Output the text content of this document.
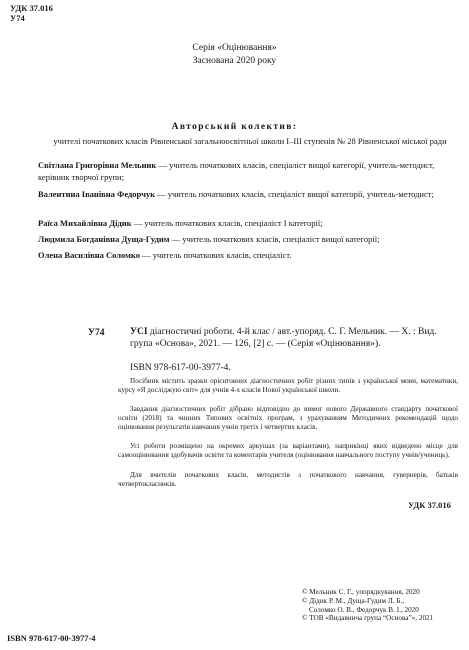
УДК 37.016
У74
Серія «Оцінювання»
Заснована 2020 року
Авторський колектив:
учителі початкових класів Рівненської загальноосвітньої школи І–ІІІ ступенів № 28 Рівненської міської ради
Світлана Григорівна Мельник — учитель початкових класів, спеціаліст вищої категорії, учитель-методист, керівник творчої групи;
Валентина Іванівна Федорчук — учитель початкових класів, спеціаліст вищої категорії, учитель-методист;
Раїса Михайлівна Дідик — учитель початкових класів, спеціаліст І категорії;
Людмила Богданівна Дуща-Гудим — учитель початкових класів, спеціаліст вищої категорії;
Олена Василівна Соломко — учитель початкових класів, спеціаліст.
У74	УСІ діагностичні роботи. 4-й клас / авт.-упоряд. С. Г. Мельник. — Х. : Вид. група «Основа», 2021. — 126, [2] с. — (Серія «Оцінювання»).
ISBN 978-617-00-3977-4.
Посібник містить зразки орієнтовних діагностичних робіт різних типів з української мови, математики, курсу «Я досліджую світ» для учнів 4-х класів Нової української школи.
Завдання діагностичних робіт дібрано відповідно до вимог нового Державного стандарту початкової освіти (2018) та чинних Типових освітніх програм, з урахуванням Методичних рекомендацій щодо оцінювання результатів навчання учнів третіх і четвертих класів.
Усі роботи розміщено на окремих аркушах (за варіантами), наприкінці яких відведено місце для самооцінювання здобувачів освіти та коментарів учителя (оцінювання навчального поступу учнів/учениць).
Для вчителів початкових класів, методистів з початкового навчання, гувернерів, батьків четвертокласників.
УДК 37.016
© Мельник С. Г., упорядкування, 2020
© Дідик Р. М., Дуща-Гудим Л. Б.,
Соломко О. В., Федорчук В. І., 2020
© ТОВ «Видавнича група “Основа”», 2021
ISBN 978-617-00-3977-4
